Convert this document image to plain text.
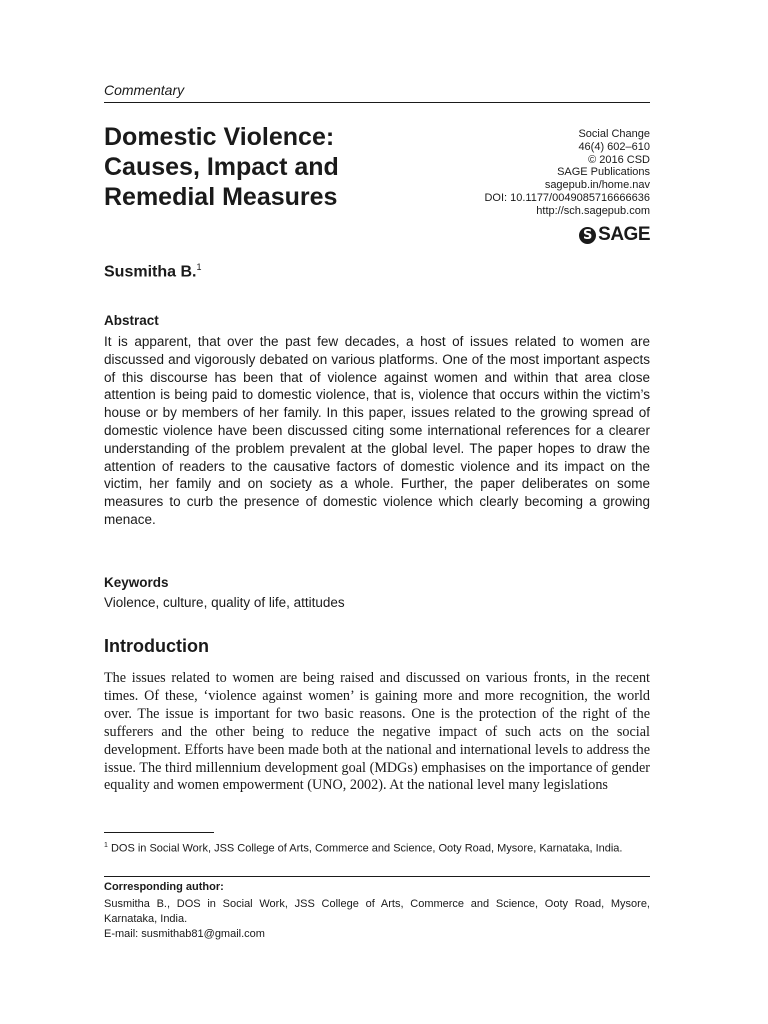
Commentary
Domestic Violence:
Causes, Impact and
Remedial Measures
Social Change
46(4) 602–610
© 2016 CSD
SAGE Publications
sagepub.in/home.nav
DOI: 10.1177/0049085716666636
http://sch.sagepub.com
S SAGE
Susmitha B.$^1$
Abstract
It is apparent, that over the past few decades, a host of issues related to women are discussed and vigorously debated on various platforms. One of the most important aspects of this discourse has been that of violence against women and within that area close attention is being paid to domestic violence, that is, violence that occurs within the victim’s house or by members of her family. In this paper, issues related to the growing spread of domestic violence have been discussed citing some international references for a clearer understanding of the problem prevalent at the global level. The paper hopes to draw the attention of readers to the causative factors of domestic violence and its impact on the victim, her family and on society as a whole. Further, the paper deliberates on some measures to curb the presence of domestic violence which clearly becoming a growing menace.
Keywords
Violence, culture, quality of life, attitudes
Introduction
The issues related to women are being raised and discussed on various fronts, in the recent times. Of these, ‘violence against women’ is gaining more and more recognition, the world over. The issue is important for two basic reasons. One is the protection of the right of the sufferers and the other being to reduce the negative impact of such acts on the social development. Efforts have been made both at the national and international levels to address the issue. The third millennium development goal (MDGs) emphasises on the importance of gender equality and women empowerment (UNO, 2002). At the national level many legislations
$^1$ DOS in Social Work, JSS College of Arts, Commerce and Science, Ooty Road, Mysore, Karnataka, India.
Corresponding author:
Susmitha B., DOS in Social Work, JSS College of Arts, Commerce and Science, Ooty Road, Mysore, Karnataka, India.
E-mail: susmithab81@gmail.com
